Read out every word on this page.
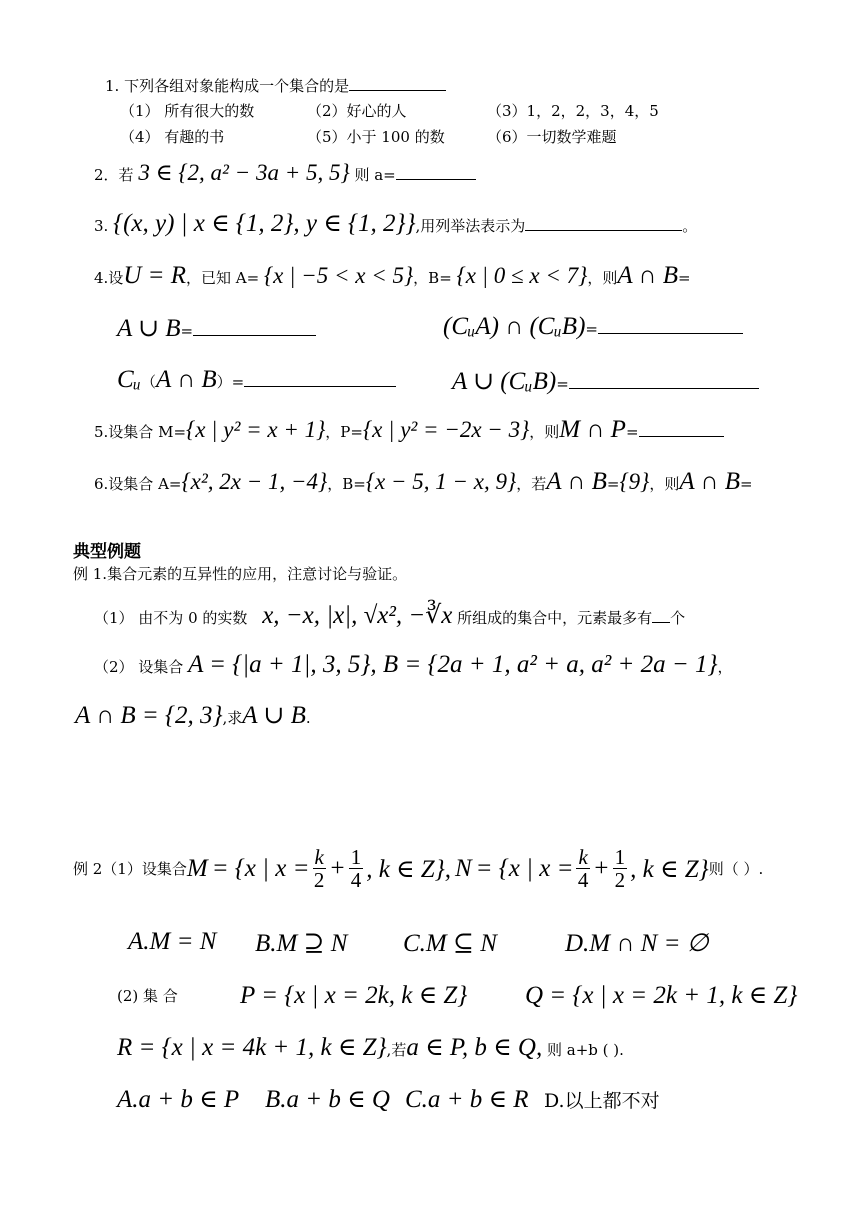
1. 下列各组对象能构成一个集合的是
（1） 所有很大的数	（2）好心的人	（3）1，2，2，3，4，5
（4） 有趣的书	（5）小于 100 的数	（6）一切数学难题
2．若 3 ∈ {2, a² − 3a + 5, 5} 则 a=
3. {(x, y) | x ∈ {1, 2}, y ∈ {1, 2}},用列举法表示为	。
4.设U = R，已知 A= {x | −5 < x < 5}，B= {x | 0 ≤ x < 7}，则A ∩ B=
A ∪ B=	(CᵤA) ∩ (CᵤB)=
Cᵤ（A ∩ B）=	A ∪ (CᵤB)=
5.设集合 M={x | y² = x + 1}，P={x | y² = −2x − 3}，则M ∩ P=
6.设集合 A={x², 2x − 1, −4}，B={x − 5, 1 − x, 9}，若A ∩ B={9}，则A ∩ B=
典型例题
例 1.集合元素的互异性的应用，注意讨论与验证。
（1） 由不为 0 的实数 x, −x, |x|, √x², −∛x 所组成的集合中，元素最多有 个
（2） 设集合 A = {|a + 1|, 3, 5}, B = {2a + 1, a² + a, a² + 2a − 1}，
A ∩ B = {2, 3},求A ∪ B.
例 2（1）设集合 M = {x | $x = \frac{k}{2} + \frac{1}{4}$ , k ∈ Z}, N = {x | $x = \frac{k}{4} + \frac{1}{2}$ , k ∈ Z} 则（ ）.
A.M = N B.M ⊇ N C.M ⊆ N	D.M ∩ N = ∅
(2) 集 合 P = {x | x = 2k, k ∈ Z} Q = {x | x = 2k + 1, k ∈ Z}
R = {x | x = 4k + 1, k ∈ Z},若a ∈ P, b ∈ Q, 则 a+b ( ).
A.a + b ∈ P B.a + b ∈ Q C.a + b ∈ R D.以上都不对
